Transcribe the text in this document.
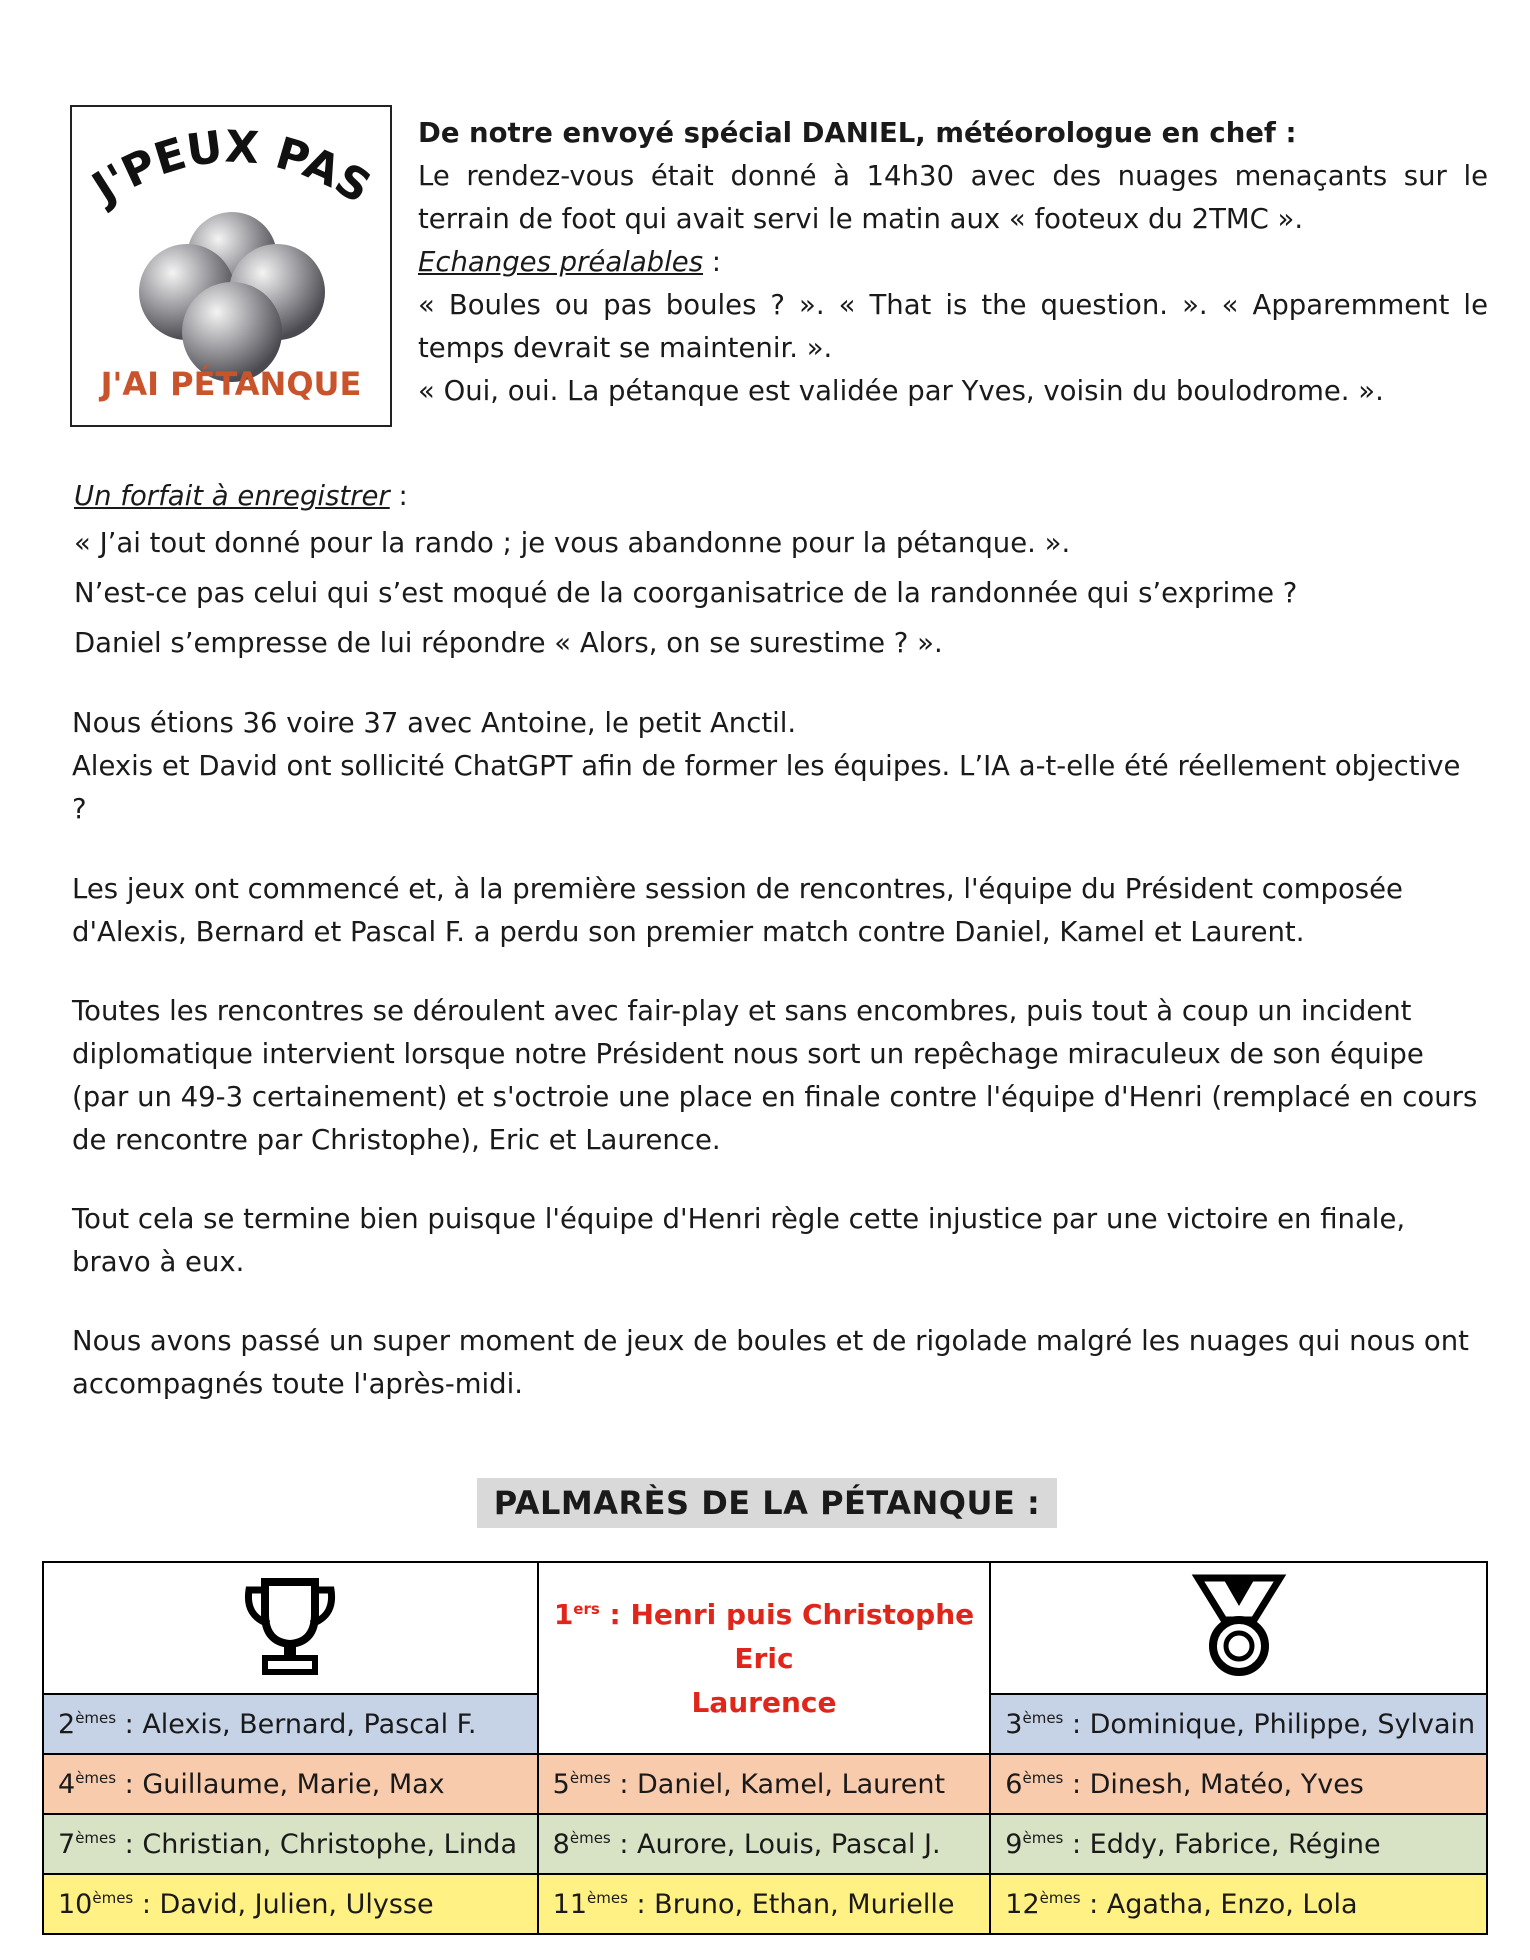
J'PEUX PAS
J'AI PÉTANQUE

De notre envoyé spécial DANIEL, météorologue en chef :

Le rendez-vous était donné à 14h30 avec des nuages menaçants sur le terrain de foot qui avait servi le matin aux « footeux du 2TMC ».

Echanges préalables :

« Boules ou pas boules ? ». « That is the question. ». « Apparemment le temps devrait se maintenir. ».

« Oui, oui. La pétanque est validée par Yves, voisin du boulodrome. ».

Un forfait à enregistrer :

« J’ai tout donné pour la rando ; je vous abandonne pour la pétanque. ».

N’est-ce pas celui qui s’est moqué de la coorganisatrice de la randonnée qui s’exprime ?

Daniel s’empresse de lui répondre « Alors, on se surestime ? ».

Nous étions 36 voire 37 avec Antoine, le petit Anctil.

Alexis et David ont sollicité ChatGPT afin de former les équipes. L’IA a-t-elle été réellement objective ?

Les jeux ont commencé et, à la première session de rencontres, l'équipe du Président composée d'Alexis, Bernard et Pascal F. a perdu son premier match contre Daniel, Kamel et Laurent.
Toutes les rencontres se déroulent avec fair-play et sans encombres, puis tout à coup un incident diplomatique intervient lorsque notre Président nous sort un repêchage miraculeux de son équipe (par un 49-3 certainement) et s'octroie une place en finale contre l'équipe d'Henri (remplacé en cours de rencontre par Christophe), Eric et Laurence.
Tout cela se termine bien puisque l'équipe d'Henri règle cette injustice par une victoire en finale, bravo à eux.
Nous avons passé un super moment de jeux de boules et de rigolade malgré les nuages qui nous ont accompagnés toute l'après-midi.
PALMARÈS DE LA PÉTANQUE :

1ers : Henri puis Christophe
Eric
Laurence

2èmes : Alexis, Bernard, Pascal F.		3èmes : Dominique, Philippe, Sylvain
4èmes : Guillaume, Marie, Max	5èmes : Daniel, Kamel, Laurent	6èmes : Dinesh, Matéo, Yves
7èmes : Christian, Christophe, Linda	8èmes : Aurore, Louis, Pascal J.	9èmes : Eddy, Fabrice, Régine
10èmes : David, Julien, Ulysse	11èmes : Bruno, Ethan, Murielle	12èmes : Agatha, Enzo, Lola
